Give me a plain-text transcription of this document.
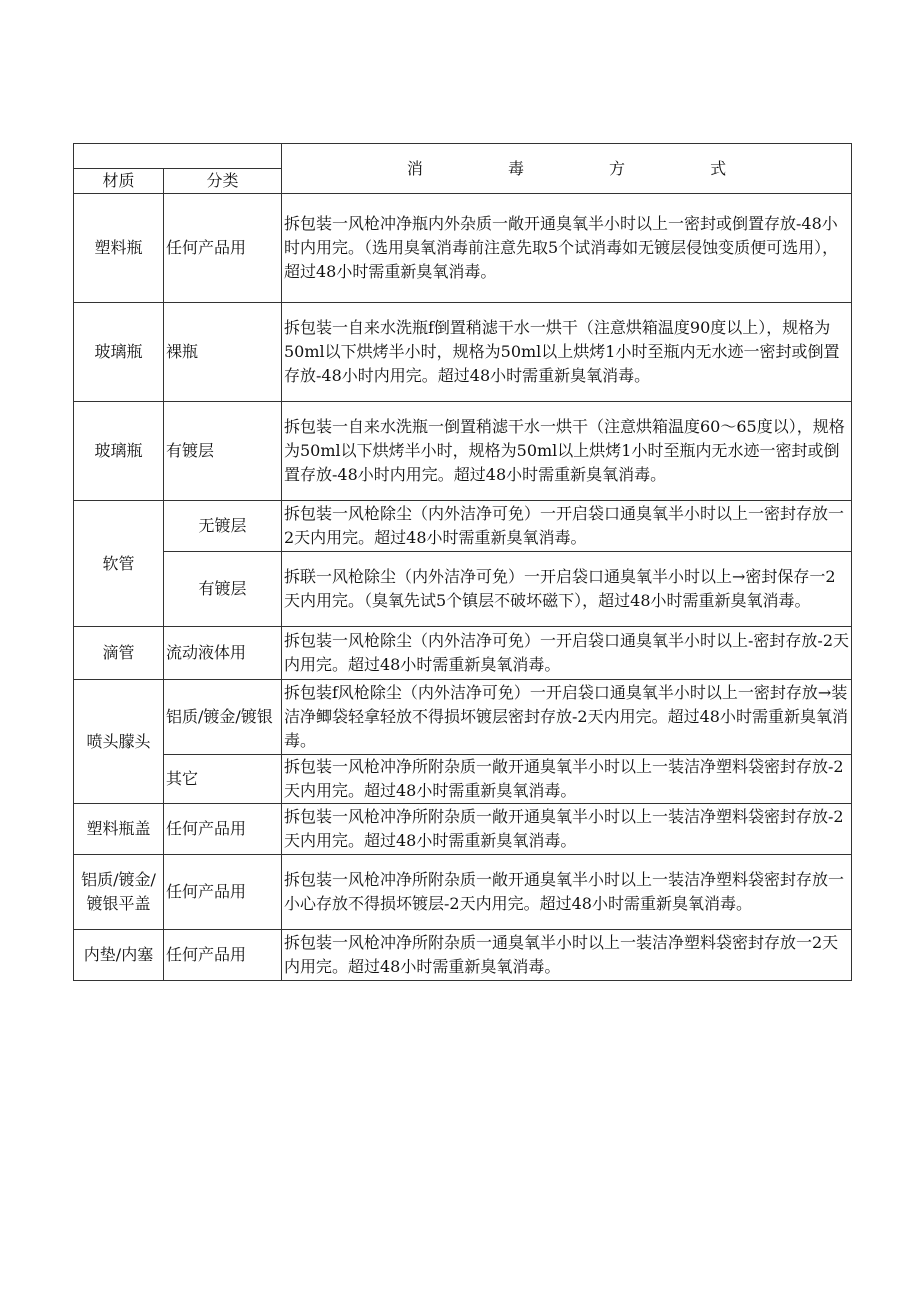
		消 毒 方 式
材质	分类	
塑料瓶	任何产品用	拆包装一风枪冲净瓶内外杂质一敞开通臭氧半小时以上一密封或倒置存放-48小时内用完。（选用臭氧消毒前注意先取5个试消毒如无镀层侵蚀变质便可选用），超过48小时需重新臭氧消毒。
玻璃瓶	裸瓶	拆包装一自来水洗瓶f倒置稍滤干水一烘干（注意烘箱温度90度以上），规格为50ml以下烘烤半小时，规格为50ml以上烘烤1小时至瓶内无水迹一密封或倒置存放-48小时内用完。超过48小时需重新臭氧消毒。
玻璃瓶	有镀层	拆包装一自来水洗瓶一倒置稍滤干水一烘干（注意烘箱温度60～65度以），规格为50ml以下烘烤半小时，规格为50ml以上烘烤1小时至瓶内无水迹一密封或倒置存放-48小时内用完。超过48小时需重新臭氧消毒。
软管	无镀层	拆包装一风枪除尘（内外洁净可免）一开启袋口通臭氧半小时以上一密封存放一2天内用完。超过48小时需重新臭氧消毒。
	有镀层	拆联一风枪除尘（内外洁净可免）一开启袋口通臭氧半小时以上→密封保存一2天内用完。（臭氧先试5个镇层不破坏磁下），超过48小时需重新臭氧消毒。
滴管	流动液体用	拆包装一风枪除尘（内外洁净可免）一开启袋口通臭氧半小时以上-密封存放-2天内用完。超过48小时需重新臭氧消毒。
喷头朦头	铝质/镀金/镀银	拆包装f风枪除尘（内外洁净可免）一开启袋口通臭氧半小时以上一密封存放→装洁净鲫袋轻拿轻放不得损坏镀层密封存放-2天内用完。超过48小时需重新臭氧消毒。
	其它	拆包装一风枪冲净所附杂质一敞开通臭氧半小时以上一装洁净塑料袋密封存放-2天内用完。超过48小时需重新臭氧消毒。
塑料瓶盖	任何产品用	拆包装一风枪冲净所附杂质一敞开通臭氧半小时以上一装洁净塑料袋密封存放-2天内用完。超过48小时需重新臭氧消毒。
铝质/镀金/镀银平盖	任何产品用	拆包装一风枪冲净所附杂质一敞开通臭氧半小时以上一装洁净塑料袋密封存放一小心存放不得损坏镀层-2天内用完。超过48小时需重新臭氧消毒。
内垫/内塞	任何产品用	拆包装一风枪冲净所附杂质一通臭氧半小时以上一装洁净塑料袋密封存放一2天内用完。超过48小时需重新臭氧消毒。
